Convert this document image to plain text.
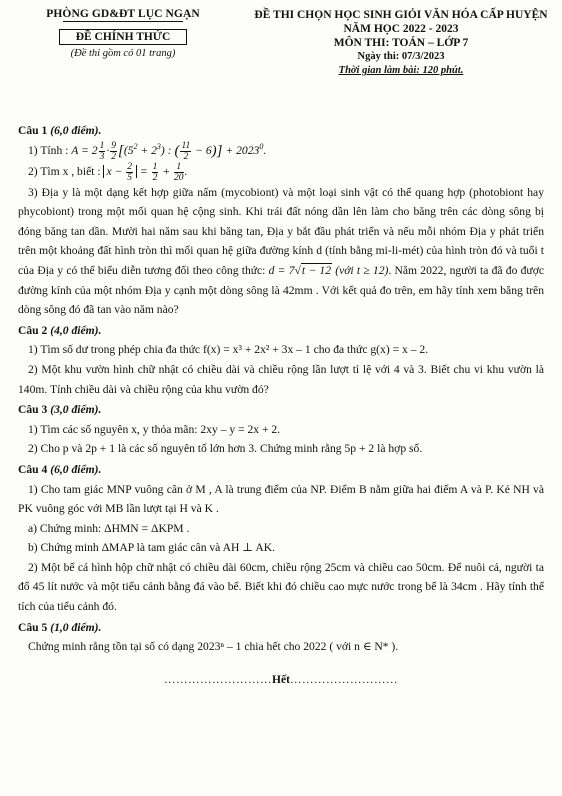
PHÒNG GD&ĐT LỤC NGẠN
ĐỀ CHÍNH THỨC
(Đề thi gồm có 01 trang)
ĐỀ THI CHỌN HỌC SINH GIỎI VĂN HÓA CẤP HUYỆN
NĂM HỌC 2022 - 2023
MÔN THI: TOÁN – LỚP 7
Ngày thi: 07/3/2023
Thời gian làm bài: 120 phút.
Câu 1 (6,0 điểm).
1) Tính : $A = 2 \frac{1}{3} \cdot \frac{9}{2} [(5^2 + 2^3)$ : ( $\frac{11}{2} - 6)] + 2023^0$.
2) Tìm x , biết : $x - \frac{2}{5} = \frac{1}{2} + \frac{1}{20}$ .
3) Địa y là một dạng kết hợp giữa nấm (mycobiont) và một loại sinh vật có thể quang hợp (photobiont hay phycobiont) trong một mối quan hệ cộng sinh. Khi trái đất nóng dần lên làm cho băng trên các dòng sông bị đóng băng tan dần. Mười hai năm sau khi băng tan, Địa y bắt đầu phát triển và nếu mỗi nhóm Địa y phát triển trên một khoảng đất hình tròn thì mối quan hệ giữa đường kính d (tính bằng mi-li-mét) của hình tròn đó và tuổi t của Địa y có thể biểu diễn tương đối theo công thức: d = 7√t − 12 (với t ≥ 12). Năm 2022, người ta đã đo được đường kính của một nhóm Địa y cạnh một dòng sông là 42mm . Với kết quả đo trên, em hãy tính xem băng trên dòng sông đó đã tan vào năm nào?
Câu 2 (4,0 điểm).
1) Tìm số dư trong phép chia đa thức f(x) = x³ + 2x² + 3x – 1 cho đa thức g(x) = x – 2.
2) Một khu vườn hình chữ nhật có chiều dài và chiều rộng lần lượt tỉ lệ với 4 và 3. Biết chu vi khu vườn là 140m. Tính chiều dài và chiều rộng của khu vườn đó?
Câu 3 (3,0 điểm).
1) Tìm các số nguyên x, y thỏa mãn: 2xy – y = 2x + 2.
2) Cho p và 2p + 1 là các số nguyên tố lớn hơn 3. Chứng minh rằng 5p + 2 là hợp số.
Câu 4 (6,0 điểm).
1) Cho tam giác MNP vuông cân ở M , A là trung điểm của NP. Điểm B nằm giữa hai điểm A và P. Kẻ NH và PK vuông góc với MB lần lượt tại H và K .
a) Chứng minh: ΔHMN = ΔKPM .
b) Chứng minh ΔMAP là tam giác cân và AH ⊥ AK.
2) Một bể cá hình hộp chữ nhật có chiều dài 60cm, chiều rộng 25cm và chiều cao 50cm. Để nuôi cá, người ta đổ 45 lít nước và một tiểu cảnh bằng đá vào bể. Biết khi đó chiều cao mực nước trong bể là 34cm . Hãy tính thể tích của tiểu cảnh đó.
Câu 5 (1,0 điểm).
Chứng minh rằng tồn tại số có dạng 2023ⁿ – 1 chia hết cho 2022 ( với n ∈ N* ).
………………………Hết………………………
